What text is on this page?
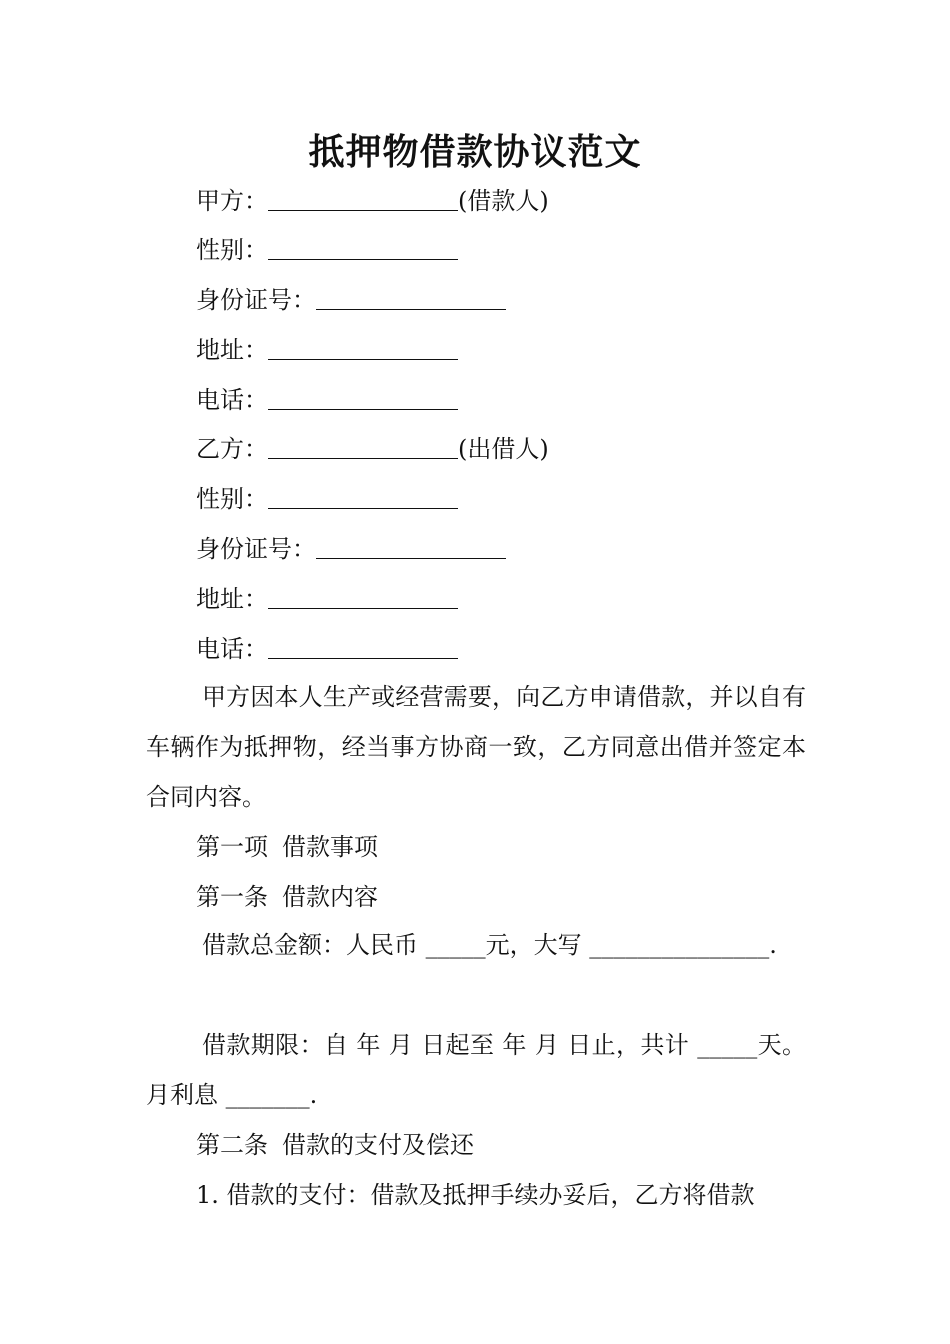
抵押物借款协议范文
甲方：	(借款人)
性别：
身份证号：
地址：
电话：
乙方：	(出借人)
性别：
身份证号：
地址：
电话：

甲方因本人生产或经营需要，向乙方申请借款，并以自有车辆作为抵押物，经当事方协商一致，乙方同意出借并签定本合同内容。

第一项 借款事项
第一条 借款内容

借款总金额：人民币 _____元，大写 _______________.

借款期限：自 年 月 日起至 年 月 日止，共计 _____天。月利息 _______.

第二条 借款的支付及偿还
1. 借款的支付：借款及抵押手续办妥后，乙方将借款
